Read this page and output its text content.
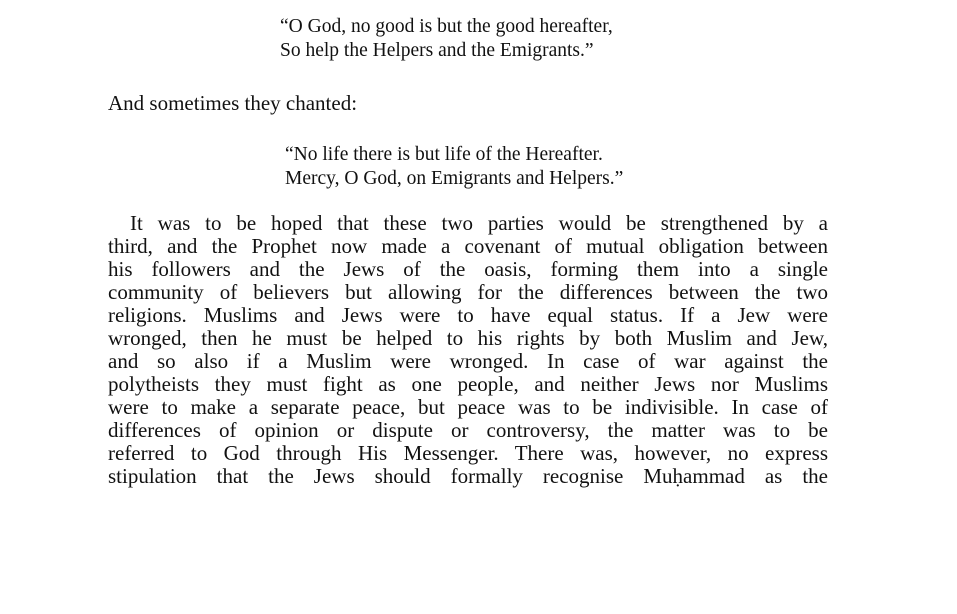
“O God, no good is but the good hereafter,
So help the Helpers and the Emigrants.”
And sometimes they chanted:
“No life there is but life of the Hereafter.
Mercy, O God, on Emigrants and Helpers.”
It was to be hoped that these two parties would be strengthened by a
third, and the Prophet now made a covenant of mutual obligation between
his followers and the Jews of the oasis, forming them into a single
community of believers but allowing for the differences between the two
religions. Muslims and Jews were to have equal status. If a Jew were
wronged, then he must be helped to his rights by both Muslim and Jew,
and so also if a Muslim were wronged. In case of war against the
polytheists they must fight as one people, and neither Jews nor Muslims
were to make a separate peace, but peace was to be indivisible. In case of
differences of opinion or dispute or controversy, the matter was to be
referred to God through His Messenger. There was, however, no express
stipulation that the Jews should formally recognise Muḥammad as the
